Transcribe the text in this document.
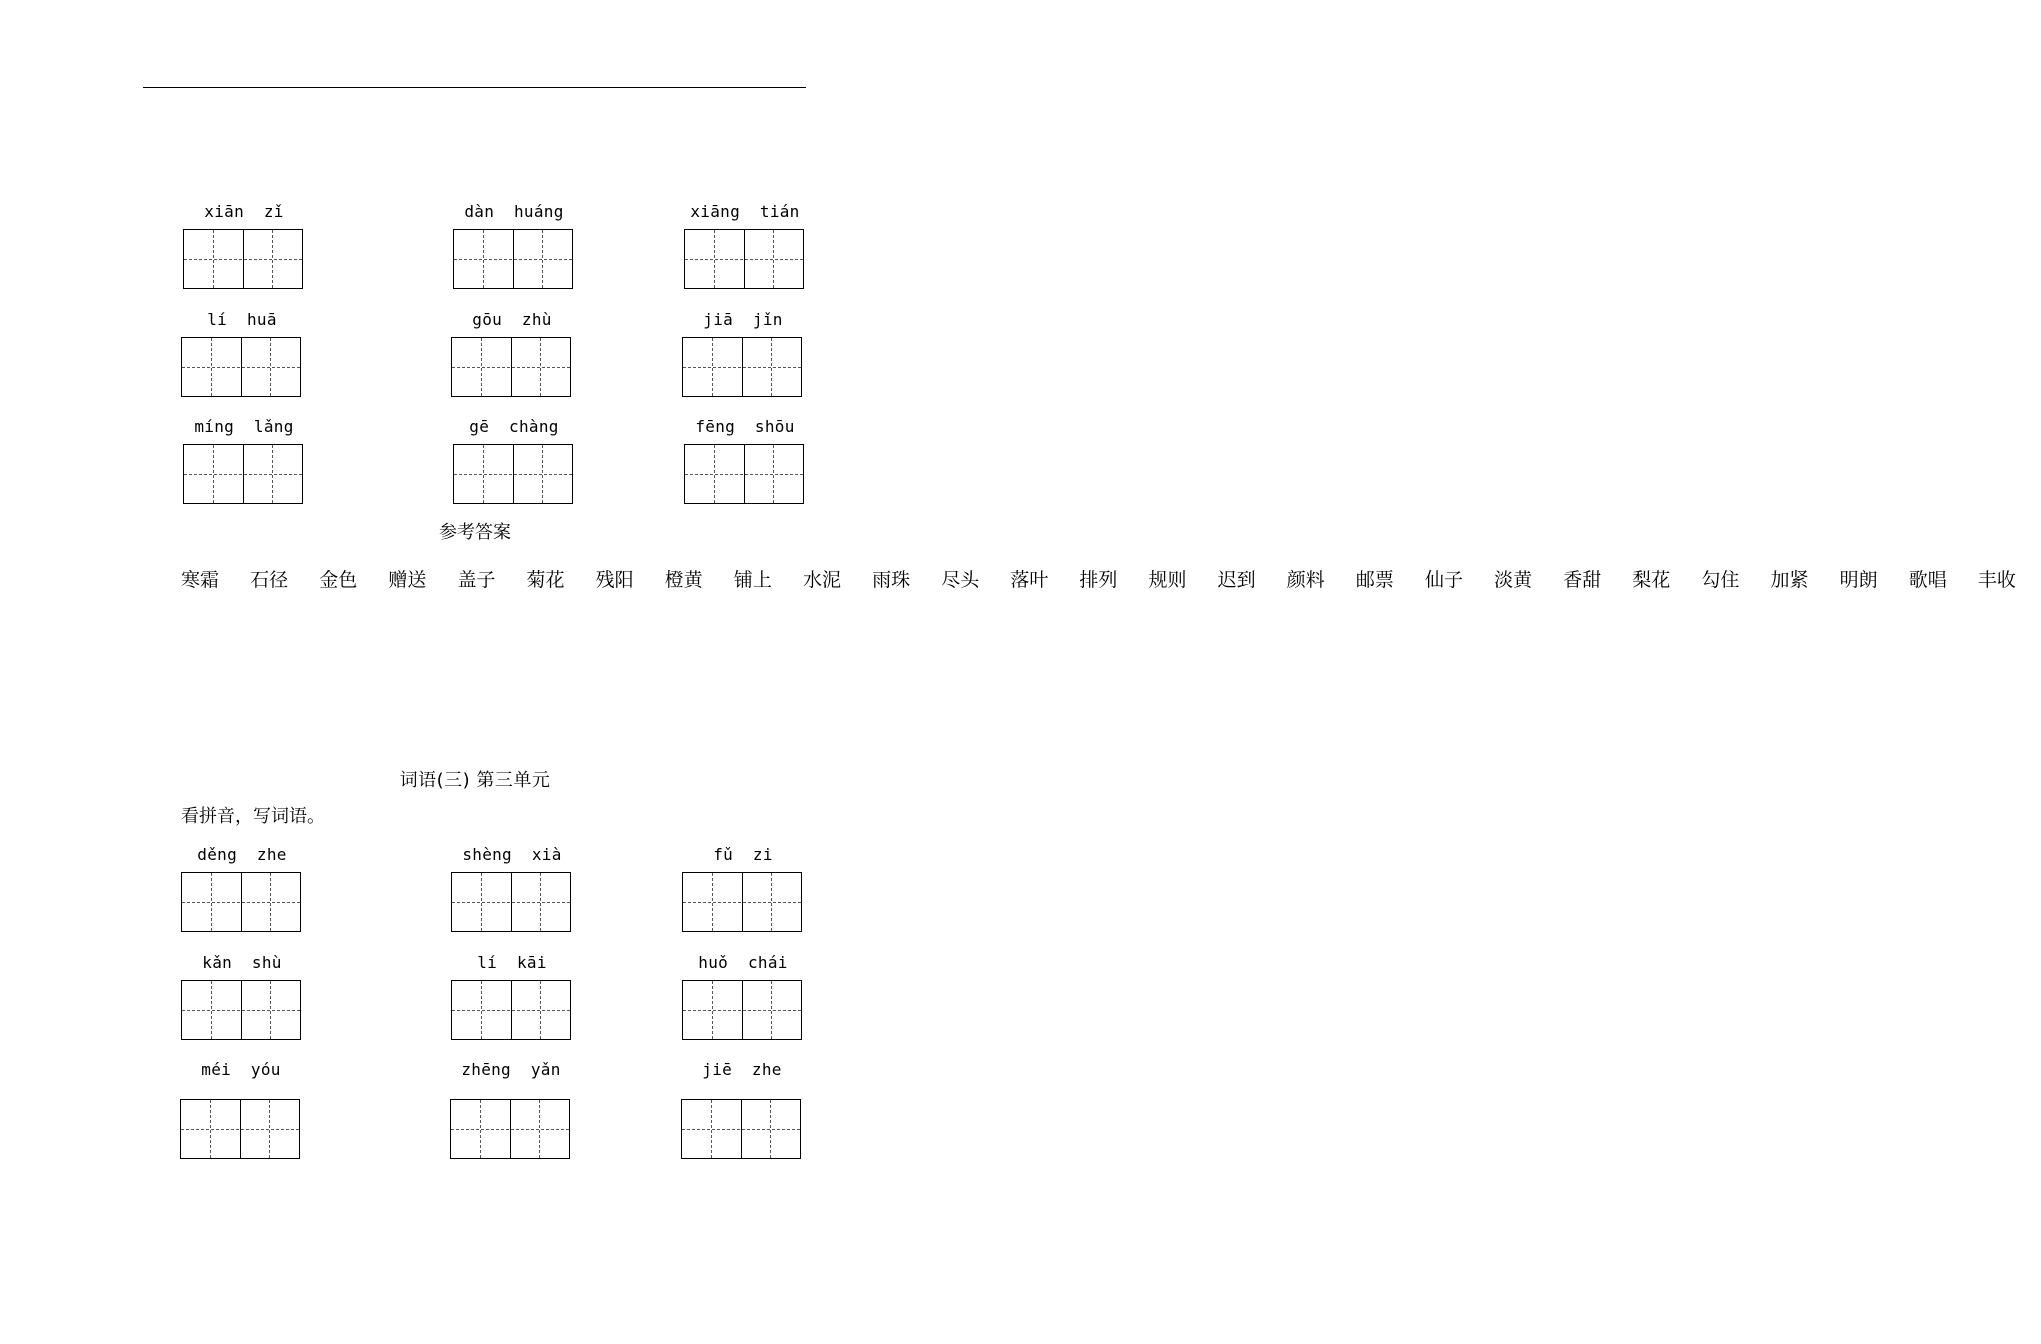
xiān  zǐ	dàn  huáng	xiāng  tián
lí  huā	gōu  zhù	jiā  jǐn
míng  lǎng	gē  chàng	fēng  shōu
参考答案
寒霜   石径   金色   赠送   盖子   菊花   残阳   橙黄   铺上   水泥   雨珠   尽头   落叶   排列   规则   迟到   颜料   邮票   仙子   淡黄   香甜   梨花   勾住   加紧   明朗   歌唱   丰收  
词语(三) 第三单元
看拼音，写词语。
děng  zhe	shèng  xià	fǔ  zi
kǎn  shù	lí  kāi	huǒ  chái
méi  yóu	zhēng  yǎn	jiē  zhe
